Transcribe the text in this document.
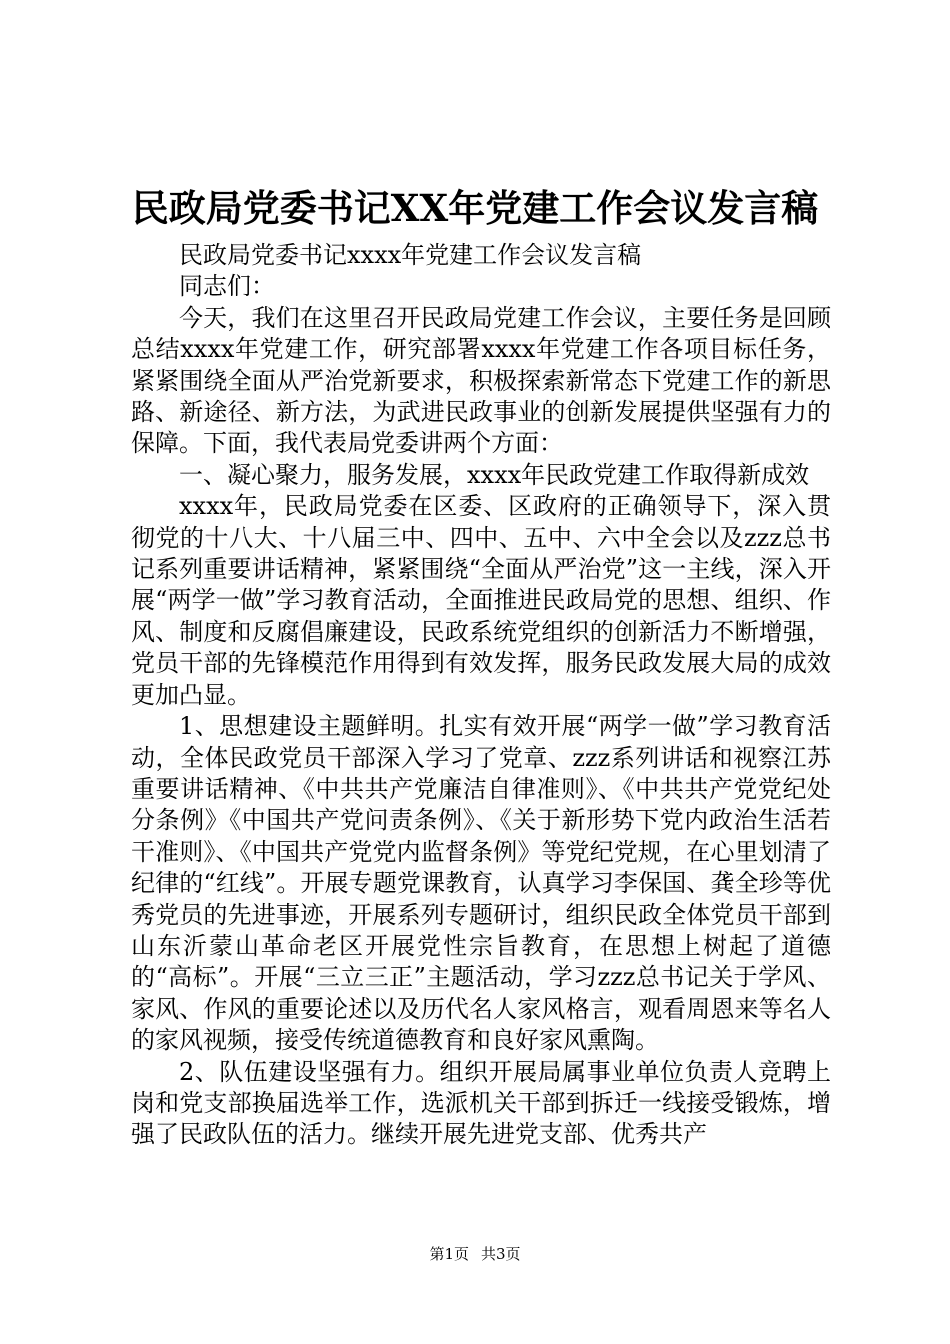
民政局党委书记XX年党建工作会议发言稿

民政局党委书记xxxx年党建工作会议发言稿

同志们：

今天，我们在这里召开民政局党建工作会议，主要任务是回顾总结xxxx年党建工作，研究部署xxxx年党建工作各项目标任务，紧紧围绕全面从严治党新要求，积极探索新常态下党建工作的新思路、新途径、新方法，为武进民政事业的创新发展提供坚强有力的保障。下面，我代表局党委讲两个方面：

一、凝心聚力，服务发展，xxxx年民政党建工作取得新成效

xxxx年，民政局党委在区委、区政府的正确领导下，深入贯彻党的十八大、十八届三中、四中、五中、六中全会以及zzz总书记系列重要讲话精神，紧紧围绕“全面从严治党”这一主线，深入开展“两学一做”学习教育活动，全面推进民政局党的思想、组织、作风、制度和反腐倡廉建设，民政系统党组织的创新活力不断增强，党员干部的先锋模范作用得到有效发挥，服务民政发展大局的成效更加凸显。

1、思想建设主题鲜明。扎实有效开展“两学一做”学习教育活动，全体民政党员干部深入学习了党章、zzz系列讲话和视察江苏重要讲话精神、《中共共产党廉洁自律准则》、《中共共产党党纪处分条例》《中国共产党问责条例》、《关于新形势下党内政治生活若干准则》、《中国共产党党内监督条例》等党纪党规，在心里划清了纪律的“红线”。开展专题党课教育，认真学习李保国、龚全珍等优秀党员的先进事迹，开展系列专题研讨，组织民政全体党员干部到山东沂蒙山革命老区开展党性宗旨教育，在思想上树起了道德的“高标”。开展“三立三正”主题活动，学习zzz总书记关于学风、家风、作风的重要论述以及历代名人家风格言，观看周恩来等名人的家风视频，接受传统道德教育和良好家风熏陶。

2、队伍建设坚强有力。组织开展局属事业单位负责人竞聘上岗和党支部换届选举工作，选派机关干部到拆迁一线接受锻炼，增强了民政队伍的活力。继续开展先进党支部、优秀共产

第1页 共3页
